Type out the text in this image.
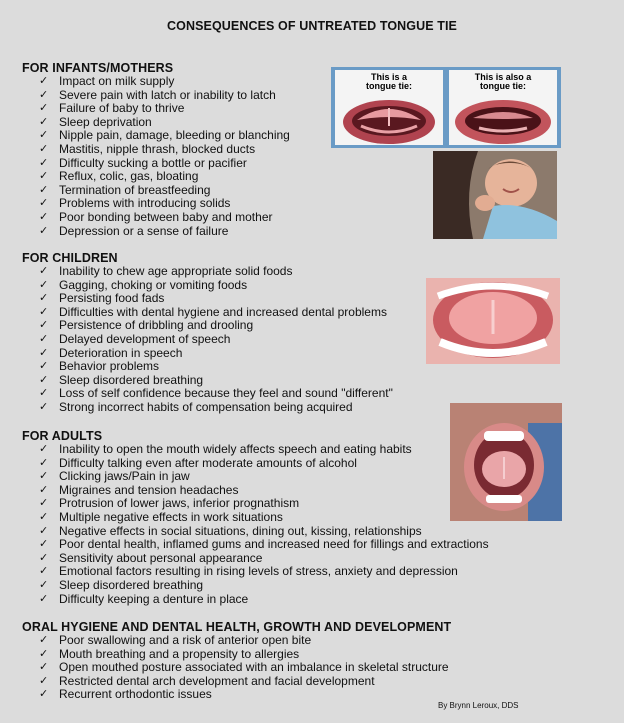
CONSEQUENCES OF UNTREATED TONGUE TIE
FOR INFANTS/MOTHERS
✓ Impact on milk supply
✓ Severe pain with latch or inability to latch
✓ Failure of baby to thrive
✓ Sleep deprivation
✓ Nipple pain, damage, bleeding or blanching
✓ Mastitis, nipple thrash, blocked ducts
✓ Difficulty sucking a bottle or pacifier
✓ Reflux, colic, gas, bloating
✓ Termination of breastfeeding
✓ Problems with introducing solids
✓ Poor bonding between baby and mother
✓ Depression or a sense of failure
FOR CHILDREN
✓ Inability to chew age appropriate solid foods
✓ Gagging, choking or vomiting foods
✓ Persisting food fads
✓ Difficulties with dental hygiene and increased dental problems
✓ Persistence of dribbling and drooling
✓ Delayed development of speech
✓ Deterioration in speech
✓ Behavior problems
✓ Sleep disordered breathing
✓ Loss of self confidence because they feel and sound "different"
✓ Strong incorrect habits of compensation being acquired
FOR ADULTS
✓ Inability to open the mouth widely affects speech and eating habits
✓ Difficulty talking even after moderate amounts of alcohol
✓ Clicking jaws/Pain in jaw
✓ Migraines and tension headaches
✓ Protrusion of lower jaws, inferior prognathism
✓ Multiple negative effects in work situations
✓ Negative effects in social situations, dining out, kissing, relationships
✓ Poor dental health, inflamed gums and increased need for fillings and extractions
✓ Sensitivity about personal appearance
✓ Emotional factors resulting in rising levels of stress, anxiety and depression
✓ Sleep disordered breathing
✓ Difficulty keeping a denture in place
ORAL HYGIENE AND DENTAL HEALTH, GROWTH AND DEVELOPMENT
✓ Poor swallowing and a risk of anterior open bite
✓ Mouth breathing and a propensity to allergies
✓ Open mouthed posture associated with an imbalance in skeletal structure
✓ Restricted dental arch development and facial development
✓ Recurrent orthodontic issues
This is a
tongue tie:
This is also a
tongue tie:
By Brynn Leroux, DDS
